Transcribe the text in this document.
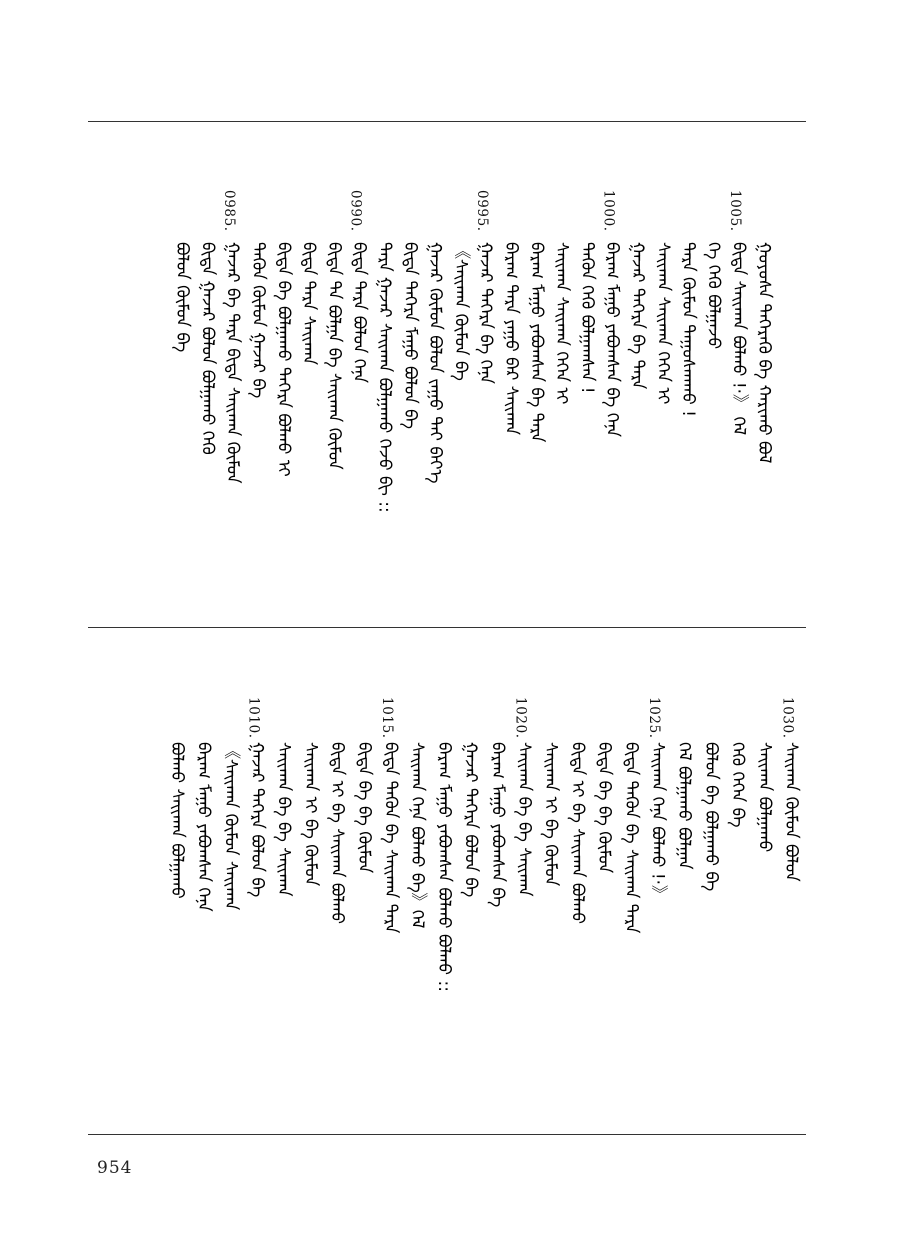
ᠭᠤᠶᠤᠰᠠ ᠳᠡᠭᠡᠷᠡᠬᠦ ᠪᠡ ᠬᠠᠷᠢᠬᠤ ᠪᠣᠯ
1005.
ᠪᠢᠳᠡ ᠰᠠᠢᠬᠠᠨ ᠪᠣᠯᠬᠤ !·》 ᠭᠡᠯ
ᠭᠡ ᠬᠡᠬᠦ ᠪᠣᠯᠭᠠᠵᠤ
ᠲᠡᠷᠡ ᠬᠦᠮᠦᠨ ᠳᠠᠭᠤᠰᠬᠠᠬᠤ !
ᠰᠠᠢᠬᠠᠨ ᠰᠠᠢᠬᠠᠨ ᠭᠡᠭᠡᠨ ᠢ
ᠭᠠᠵᠠᠷ ᠳᠡᠭᠡᠷᠡ ᠪᠡ ᠲᠡᠷᠡ
1000.
ᠪᠠᠷᠠᠭ ᠮᠠᠭᠤ ᠶᠠᠪᠤᠭᠰᠠᠨ ᠪᠡ ᠭᠡᠨᠡ
ᠲᠡᠭᠦᠨ ᠬᠡᠬᠦ ᠪᠣᠯᠭᠠᠭᠰᠠᠨ !
ᠰᠠᠢᠬᠠᠨ ᠰᠠᠢᠬᠠᠨ ᠭᠡᠭᠡᠨ ᠢ
ᠪᠠᠷᠠᠭ ᠮᠠᠭᠤ ᠶᠠᠪᠤᠭᠰᠠᠨ ᠪᠡ ᠲᠡᠷᠡ
ᠪᠠᠷᠠᠭ ᠲᠡᠷᠡ ᠶᠠᠭᠤ ᠪᠡᠷ ᠰᠠᠢᠬᠠᠨ
0995.
ᠭᠠᠵᠠᠷ ᠳᠡᠭᠡᠷᠡ ᠪᠡ ᠭᠡᠨᠡ
《ᠰᠠᠢᠬᠠᠨ ᠬᠦᠮᠦᠨ ᠪᠡ
ᠭᠠᠵᠠᠷ ᠬᠦᠮᠦᠨ ᠪᠣᠯᠤᠨ ᠵᠠᠭᠤ ᠲᠠᠢ ᠪᠡᠶ᠎ᠡ
ᠪᠢᠳᠡ ᠳᠡᠭᠡᠷᠡ ᠮᠠᠭᠤ ᠪᠣᠯᠤᠨ ᠪᠡ
ᠲᠡᠷᠡ ᠭᠠᠵᠠᠷ ᠰᠠᠢᠬᠠᠨ ᠪᠣᠯᠭᠠᠬᠤ ᠭᠡᠵᠦ ᠪᠢ ::
0990.
ᠪᠢᠳᠡ ᠲᠡᠷᠡ ᠪᠣᠯᠤᠨ ᠭᠡᠨᠡ
ᠪᠢᠳᠡ ᠲᠡ ᠪᠣᠯᠭᠠ ᠪᠡ ᠰᠠᠢᠬᠠᠨ ᠬᠦᠮᠦᠨ
ᠪᠢᠳᠡ ᠲᠡᠷᠡ ᠰᠠᠢᠬᠠᠨ
ᠪᠢᠳᠡ ᠪᠡ ᠪᠣᠯᠭᠠᠬᠤ ᠳᠡᠭᠡᠷᠡ ᠪᠣᠯᠬᠤ ᠢ
ᠲᠡᠭᠦᠨ ᠬᠦᠮᠦᠨ ᠭᠠᠵᠠᠷ ᠪᠡ
0985.
ᠭᠠᠵᠠᠷ ᠪᠡ ᠲᠡᠷᠡ ᠪᠢᠳᠡ ᠰᠠᠢᠬᠠᠨ ᠬᠦᠮᠦᠨ
ᠪᠢᠳᠡ ᠭᠠᠵᠠᠷ ᠪᠣᠯᠤᠨ ᠪᠣᠯᠭᠠᠬᠤ ᠬᠡᠬᠦ
ᠪᠣᠯᠤᠨ ᠬᠦᠮᠦᠨ ᠪᠡ
1030.
ᠰᠠᠢᠬᠠᠨ ᠬᠦᠮᠦᠨ ᠪᠣᠯᠤᠨ
ᠰᠠᠢᠬᠠᠨ ᠪᠣᠯᠭᠠᠬᠤ
ᠬᠡᠬᠦ ᠭᠡᠭᠡᠨ ᠪᠡ
ᠪᠣᠯᠤᠨ ᠪᠡ ᠪᠣᠯᠭᠠᠬᠤ ᠪᠡ
ᠭᠡᠯ ᠪᠣᠯᠭᠠᠬᠤ ᠪᠣᠯᠭᠠᠨ
1025.
ᠰᠠᠢᠬᠠᠨ ᠭᠡᠨᠡ ᠪᠣᠯᠬᠤ !·》
ᠪᠢᠳᠡ ᠲᠡᠭᠦᠨ ᠪᠡ ᠰᠠᠢᠬᠠᠨ ᠲᠡᠷᠡ
ᠪᠢᠳᠡ ᠪᠡ ᠪᠡ ᠬᠦᠮᠦᠨ
ᠪᠢᠳᠡ ᠢ ᠪᠡ ᠰᠠᠢᠬᠠᠨ ᠪᠣᠯᠬᠤ
ᠰᠠᠢᠬᠠᠨ ᠢ ᠪᠡ ᠬᠦᠮᠦᠨ
1020.
ᠰᠠᠢᠬᠠᠨ ᠪᠡ ᠪᠡ ᠰᠠᠢᠬᠠᠨ
ᠪᠠᠷᠠᠭ ᠮᠠᠭᠤ ᠶᠠᠪᠤᠭᠰᠠᠨ ᠪᠡ
ᠭᠠᠵᠠᠷ ᠳᠡᠭᠡᠷᠡ ᠪᠣᠯᠤᠨ ᠪᠡ
ᠪᠠᠷᠠᠭ ᠮᠠᠭᠤ ᠶᠠᠪᠤᠭᠰᠠᠨ ᠪᠣᠯᠬᠤ ᠪᠣᠯᠬᠤ ::
ᠰᠠᠢᠬᠠᠨ ᠭᠡᠨᠡ ᠪᠣᠯᠬᠤ ᠪᠡ》ᠭᠡᠯ
1015.
ᠪᠢᠳᠡ ᠲᠡᠭᠦᠨ ᠪᠡ ᠰᠠᠢᠬᠠᠨ ᠲᠡᠷᠡ
ᠪᠢᠳᠡ ᠪᠡ ᠪᠡ ᠬᠦᠮᠦᠨ
ᠪᠢᠳᠡ ᠢ ᠪᠡ ᠰᠠᠢᠬᠠᠨ ᠪᠣᠯᠬᠤ
ᠰᠠᠢᠬᠠᠨ ᠢ ᠪᠡ ᠬᠦᠮᠦᠨ
ᠰᠠᠢᠬᠠᠨ ᠪᠡ ᠪᠡ ᠰᠠᠢᠬᠠᠨ
1010.
ᠭᠠᠵᠠᠷ ᠳᠡᠭᠡᠷᠡ ᠪᠣᠯᠤᠨ ᠪᠡ
《ᠰᠠᠢᠬᠠᠨ ᠬᠦᠮᠦᠨ ᠰᠠᠢᠬᠠᠨ
ᠪᠠᠷᠠᠭ ᠮᠠᠭᠤ ᠶᠠᠪᠤᠭᠰᠠᠨ ᠭᠡᠨᠡ
ᠪᠣᠯᠬᠤ ᠰᠠᠢᠬᠠᠨ ᠪᠣᠯᠭᠠᠬᠤ
954
